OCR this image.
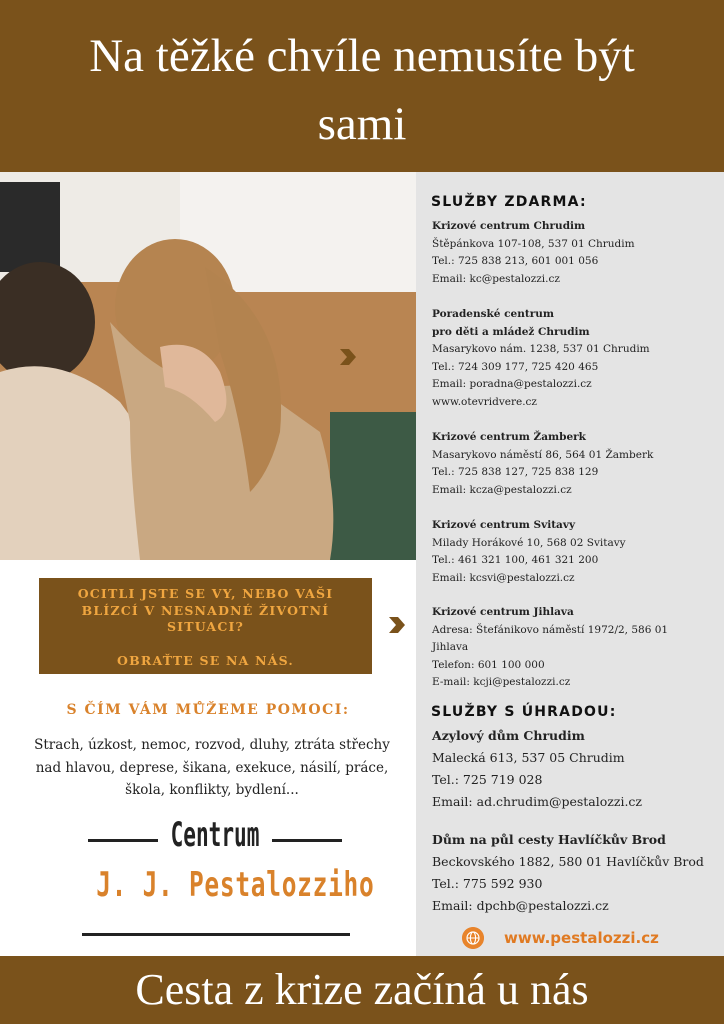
Na těžké chvíle nemusíte být
sami
SLUŽBY ZDARMA:
Krizové centrum Chrudim
Štěpánkova 107-108, 537 01 Chrudim
Tel.: 725 838 213, 601 001 056
Email: kc@pestalozzi.cz
Poradenské centrum
pro děti a mládež Chrudim
Masarykovo nám. 1238, 537 01 Chrudim
Tel.: 724 309 177, 725 420 465
Email: poradna@pestalozzi.cz
www.otevridvere.cz
Krizové centrum Žamberk
Masarykovo náměstí 86, 564 01 Žamberk
Tel.: 725 838 127, 725 838 129
Email: kcza@pestalozzi.cz
Krizové centrum Svitavy
Milady Horákové 10, 568 02 Svitavy
Tel.: 461 321 100, 461 321 200
Email: kcsvi@pestalozzi.cz
Krizové centrum Jihlava
Adresa: Štefánikovo náměstí 1972/2, 586 01
Jihlava
Telefon: 601 100 000
E-mail: kcji@pestalozzi.cz
SLUŽBY S ÚHRADOU:
Azylový dům Chrudim
Malecká 613, 537 05 Chrudim
Tel.: 725 719 028
Email: ad.chrudim@pestalozzi.cz
Dům na půl cesty Havlíčkův Brod
Beckovského 1882, 580 01 Havlíčkův Brod
Tel.: 775 592 930
Email: dpchb@pestalozzi.cz
OCITLI JSTE SE VY, NEBO VAŠI
BLÍZCÍ V NESNADNÉ ŽIVOTNÍ
SITUACI?
OBRAŤTE SE NA NÁS.
S ČÍM VÁM MŮŽEME POMOCI:
Strach, úzkost, nemoc, rozvod, dluhy, ztráta střechy
nad hlavou, deprese, šikana, exekuce, násilí, práce,
škola, konflikty, bydlení...
Centrum
J. J. Pestalozziho
www.pestalozzi.cz
Cesta z krize začíná u nás
